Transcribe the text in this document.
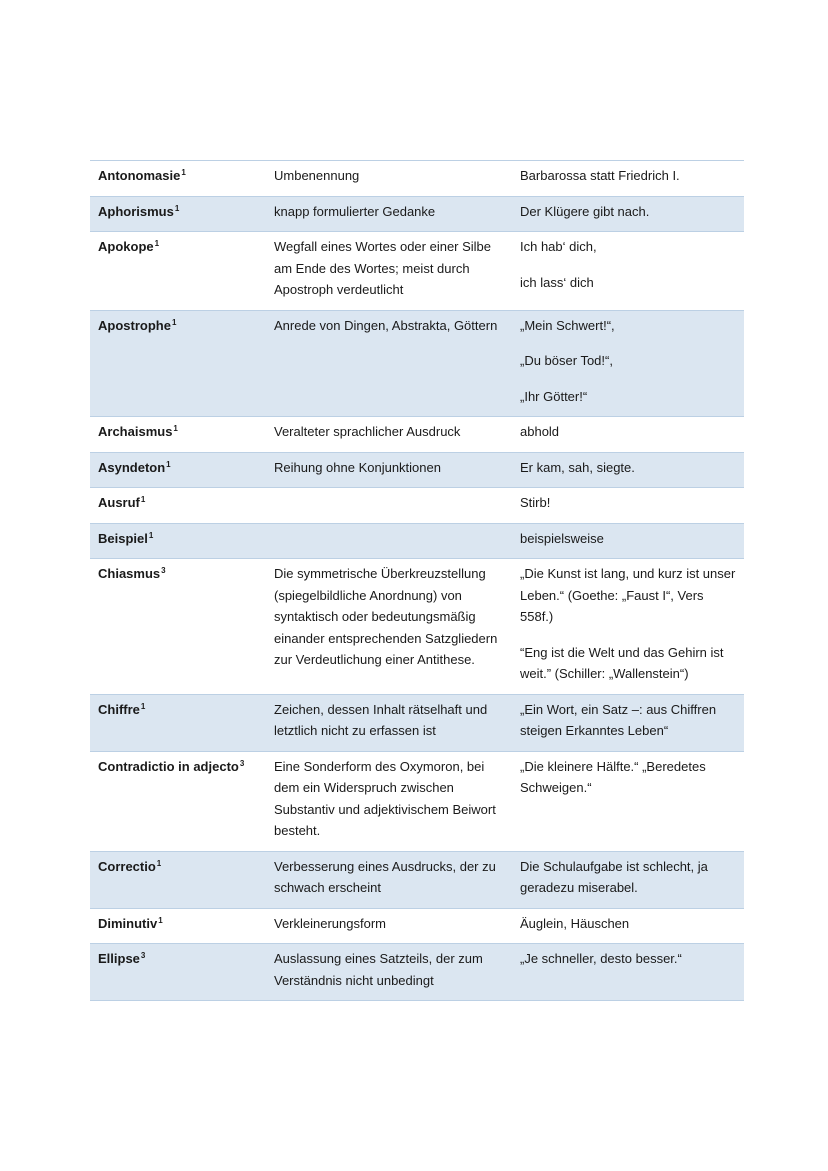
Antonomasie$^1$	Umbenennung	Barbarossa statt Friedrich I.

Aphorismus$^1$	knapp formulierter Gedanke	Der Klügere gibt nach.

Apokope$^1$	Wegfall eines Wortes oder einer Silbe am Ende des Wortes; meist durch Apostroph verdeutlicht	Ich hab‘ dich,
ich lass‘ dich

Apostrophe$^1$	Anrede von Dingen, Abstrakta, Göttern	„Mein Schwert!“,
„Du böser Tod!“,
„Ihr Götter!“

Archaismus$^1$	Veralteter sprachlicher Ausdruck	abhold

Asyndeton$^1$	Reihung ohne Konjunktionen	Er kam, sah, siegte.

Ausruf$^1$		Stirb!

Beispiel$^1$		beispielsweise

Chiasmus$^3$	Die symmetrische Überkreuzstellung (spiegelbildliche Anordnung) von syntaktisch oder bedeutungsmäßig einander entsprechenden Satzgliedern zur Verdeutlichung einer Antithese.	„Die Kunst ist lang, und kurz ist unser Leben.“ (Goethe: „Faust I“, Vers 558f.)
“Eng ist die Welt und das Gehirn ist weit.” (Schiller: „Wallenstein“)

Chiffre$^1$	Zeichen, dessen Inhalt rätselhaft und letztlich nicht zu erfassen ist	„Ein Wort, ein Satz –: aus Chiffren steigen Erkanntes Leben“

Contradictio in adjecto$^3$	Eine Sonderform des Oxymoron, bei dem ein Widerspruch zwischen Substantiv und adjektivischem Beiwort besteht.	„Die kleinere Hälfte.“ „Beredetes Schweigen.“

Correctio$^1$	Verbesserung eines Ausdrucks, der zu schwach erscheint	Die Schulaufgabe ist schlecht, ja geradezu miserabel.

Diminutiv$^1$	Verkleinerungsform	Äuglein, Häuschen

Ellipse$^3$	Auslassung eines Satzteils, der zum Verständnis nicht unbedingt	„Je schneller, desto besser.“
